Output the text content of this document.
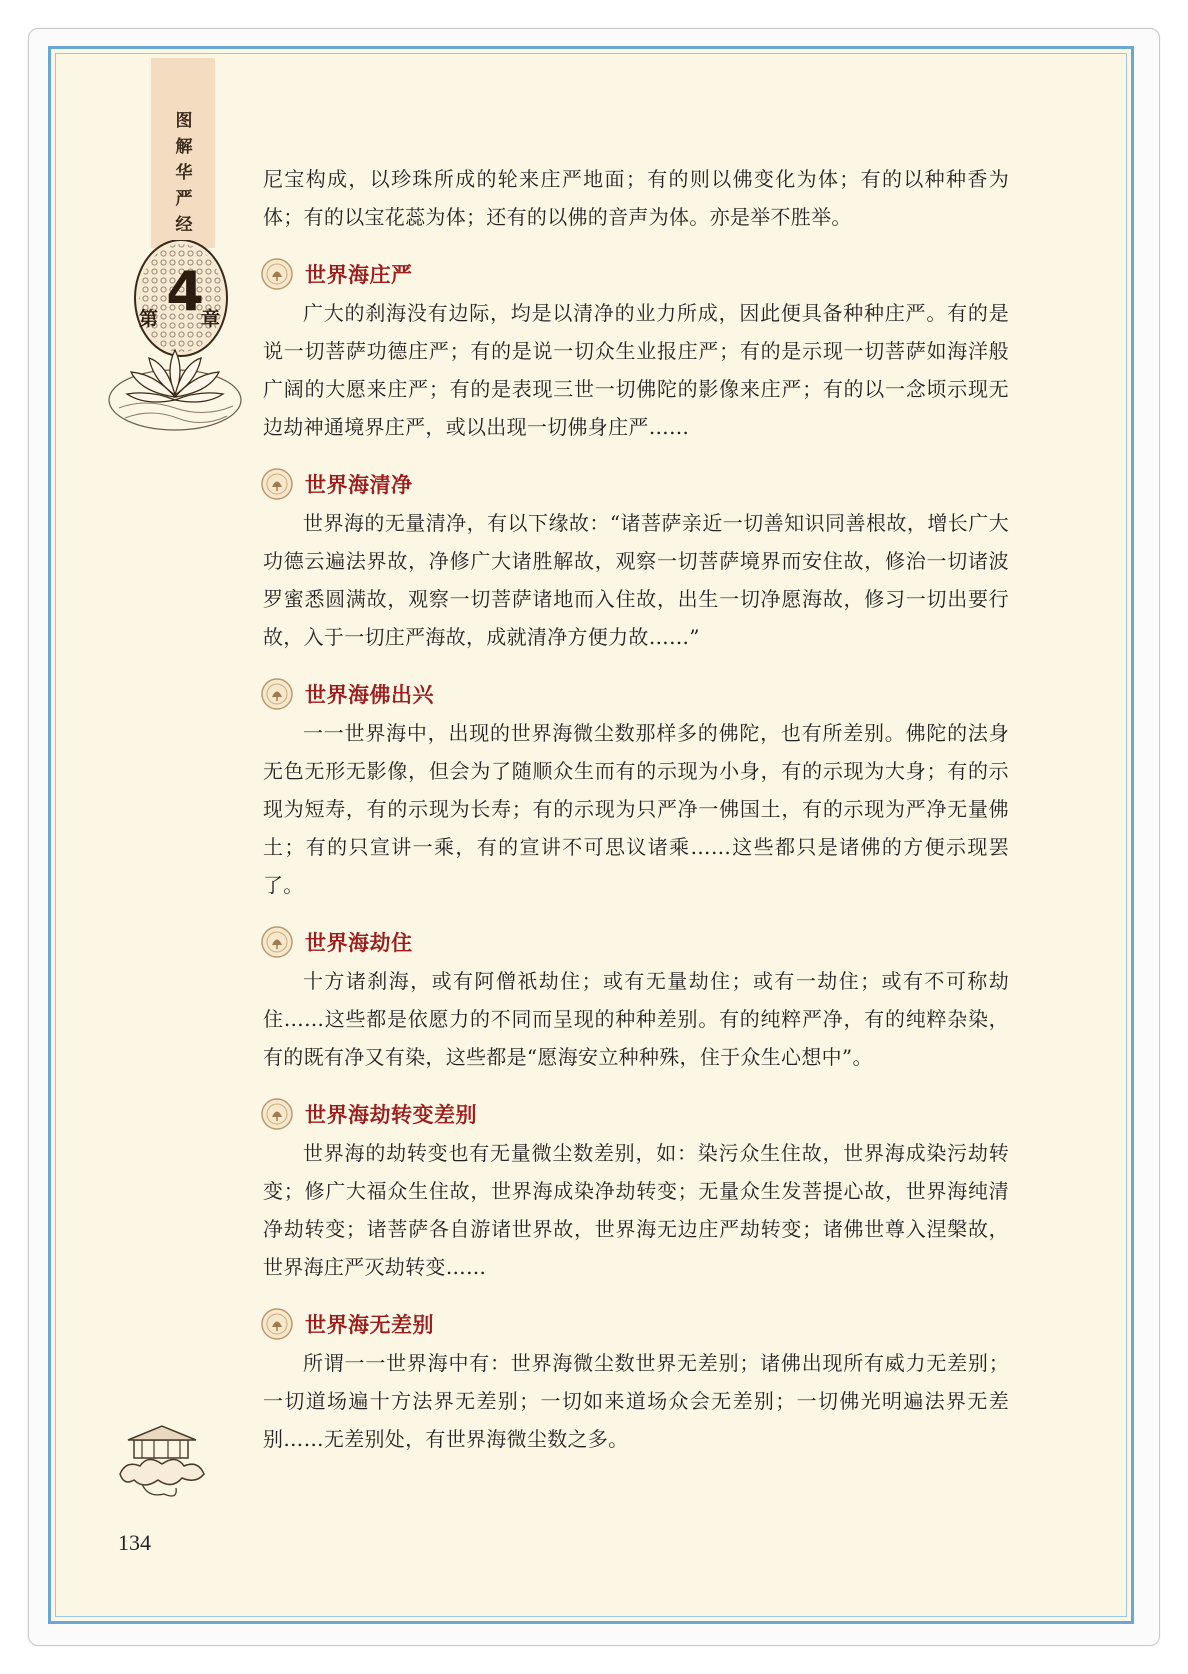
图解华严经
第 4
章
134

尼宝构成，以珍珠所成的轮来庄严地面；有的则以佛变化为体；有的以种种香为体；有的以宝花蕊为体；还有的以佛的音声为体。亦是举不胜举。

世界海庄严

广大的刹海没有边际，均是以清净的业力所成，因此便具备种种庄严。有的是说一切菩萨功德庄严；有的是说一切众生业报庄严；有的是示现一切菩萨如海洋般广阔的大愿来庄严；有的是表现三世一切佛陀的影像来庄严；有的以一念顷示现无边劫神通境界庄严，或以出现一切佛身庄严……

世界海清净

世界海的无量清净，有以下缘故：“诸菩萨亲近一切善知识同善根故，增长广大功德云遍法界故，净修广大诸胜解故，观察一切菩萨境界而安住故，修治一切诸波罗蜜悉圆满故，观察一切菩萨诸地而入住故，出生一切净愿海故，修习一切出要行故，入于一切庄严海故，成就清净方便力故……”

世界海佛出兴

一一世界海中，出现的世界海微尘数那样多的佛陀，也有所差别。佛陀的法身无色无形无影像，但会为了随顺众生而有的示现为小身，有的示现为大身；有的示现为短寿，有的示现为长寿；有的示现为只严净一佛国土，有的示现为严净无量佛土；有的只宣讲一乘，有的宣讲不可思议诸乘……这些都只是诸佛的方便示现罢了。

世界海劫住

十方诸刹海，或有阿僧祇劫住；或有无量劫住；或有一劫住；或有不可称劫住……这些都是依愿力的不同而呈现的种种差别。有的纯粹严净，有的纯粹杂染，有的既有净又有染，这些都是“愿海安立种种殊，住于众生心想中”。

世界海劫转变差别

世界海的劫转变也有无量微尘数差别，如：染污众生住故，世界海成染污劫转变；修广大福众生住故，世界海成染净劫转变；无量众生发菩提心故，世界海纯清净劫转变；诸菩萨各自游诸世界故，世界海无边庄严劫转变；诸佛世尊入涅槃故，世界海庄严灭劫转变……

世界海无差别

所谓一一世界海中有：世界海微尘数世界无差别；诸佛出现所有威力无差别；一切道场遍十方法界无差别；一切如来道场众会无差别；一切佛光明遍法界无差别……无差别处，有世界海微尘数之多。
